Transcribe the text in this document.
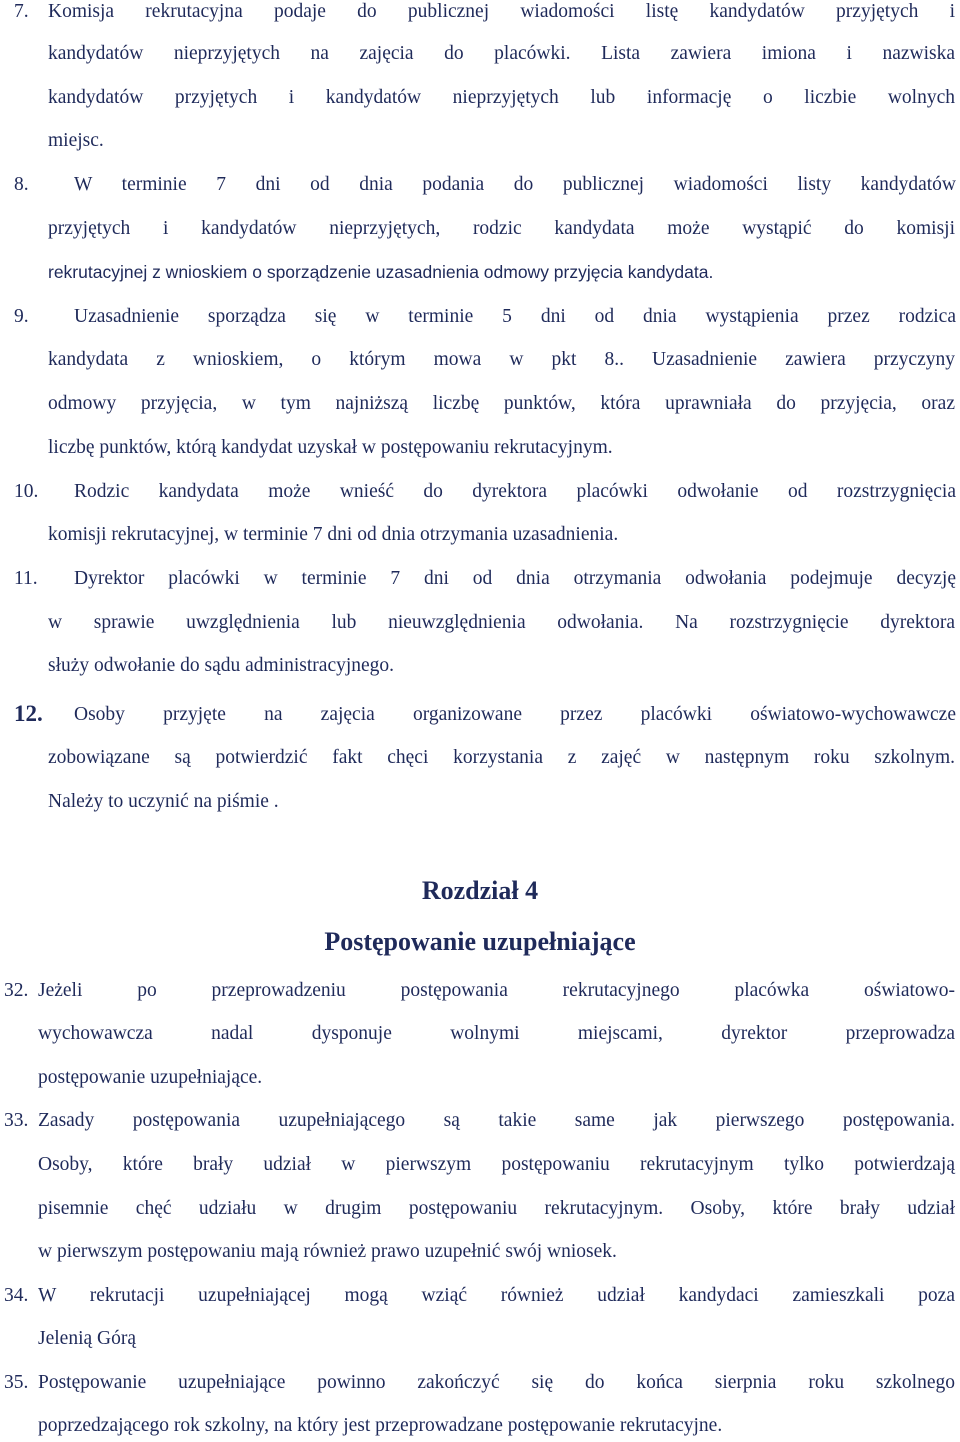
7. Komisja rekrutacyjna podaje do publicznej wiadomości listę kandydatów przyjętych i
kandydatów nieprzyjętych na zajęcia do placówki. Lista zawiera imiona i nazwiska
kandydatów przyjętych i kandydatów nieprzyjętych lub informację o liczbie wolnych
miejsc.
8. W terminie 7 dni od dnia podania do publicznej wiadomości listy kandydatów
przyjętych i kandydatów nieprzyjętych, rodzic kandydata może wystąpić do komisji
rekrutacyjnej z wnioskiem o sporządzenie uzasadnienia odmowy przyjęcia kandydata.
9. Uzasadnienie sporządza się w terminie 5 dni od dnia wystąpienia przez rodzica
kandydata z wnioskiem, o którym mowa w pkt 8.. Uzasadnienie zawiera przyczyny
odmowy przyjęcia, w tym najniższą liczbę punktów, która uprawniała do przyjęcia, oraz
liczbę punktów, którą kandydat uzyskał w postępowaniu rekrutacyjnym.
10. Rodzic kandydata może wnieść do dyrektora placówki odwołanie od rozstrzygnięcia
komisji rekrutacyjnej, w terminie 7 dni od dnia otrzymania uzasadnienia.
11. Dyrektor placówki w terminie 7 dni od dnia otrzymania odwołania podejmuje decyzję
w sprawie uwzględnienia lub nieuwzględnienia odwołania. Na rozstrzygnięcie dyrektora
służy odwołanie do sądu administracyjnego.
12. Osoby przyjęte na zajęcia organizowane przez placówki oświatowo-wychowawcze
zobowiązane są potwierdzić fakt chęci korzystania z zajęć w następnym roku szkolnym.
Należy to uczynić na piśmie .
Rozdział 4
Postępowanie uzupełniające
32. Jeżeli po przeprowadzeniu postępowania rekrutacyjnego placówka oświatowo-
wychowawcza nadal dysponuje wolnymi miejscami, dyrektor przeprowadza
postępowanie uzupełniające.
33. Zasady postępowania uzupełniającego są takie same jak pierwszego postępowania.
Osoby, które brały udział w pierwszym postępowaniu rekrutacyjnym tylko potwierdzają
pisemnie chęć udziału w drugim postępowaniu rekrutacyjnym. Osoby, które brały udział
w pierwszym postępowaniu mają również prawo uzupełnić swój wniosek.
34. W rekrutacji uzupełniającej mogą wziąć również udział kandydaci zamieszkali poza
Jelenią Górą
35. Postępowanie uzupełniające powinno zakończyć się do końca sierpnia roku szkolnego
poprzedzającego rok szkolny, na który jest przeprowadzane postępowanie rekrutacyjne.
